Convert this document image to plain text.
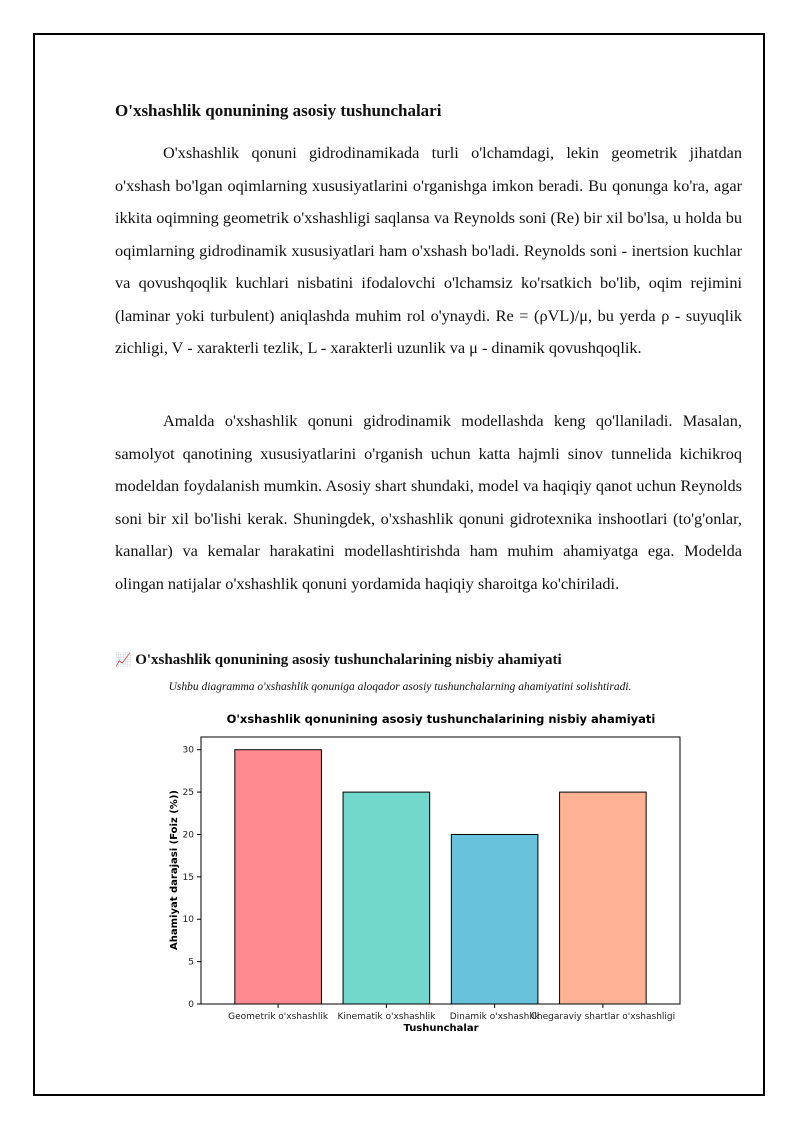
O'xshashlik qonunining asosiy tushunchalari
O'xshashlik qonuni gidrodinamikada turli o'lchamdagi, lekin geometrik jihatdan o'xshash bo'lgan oqimlarning xususiyatlarini o'rganishga imkon beradi. Bu qonunga ko'ra, agar ikkita oqimning geometrik o'xshashligi saqlansa va Reynolds soni (Re) bir xil bo'lsa, u holda bu oqimlarning gidrodinamik xususiyatlari ham o'xshash bo'ladi. Reynolds soni - inertsion kuchlar va qovushqoqlik kuchlari nisbatini ifodalovchi o'lchamsiz ko'rsatkich bo'lib, oqim rejimini (laminar yoki turbulent) aniqlashda muhim rol o'ynaydi. Re = (ρVL)/μ, bu yerda ρ - suyuqlik zichligi, V - xarakterli tezlik, L - xarakterli uzunlik va μ - dinamik qovushqoqlik.
Amalda o'xshashlik qonuni gidrodinamik modellashda keng qo'llaniladi. Masalan, samolyot qanotining xususiyatlarini o'rganish uchun katta hajmli sinov tunnelida kichikroq modeldan foydalanish mumkin. Asosiy shart shundaki, model va haqiqiy qanot uchun Reynolds soni bir xil bo'lishi kerak. Shuningdek, o'xshashlik qonuni gidrotexnika inshootlari (to'g'onlar, kanallar) va kemalar harakatini modellashtirishda ham muhim ahamiyatga ega. Modelda olingan natijalar o'xshashlik qonuni yordamida haqiqiy sharoitga ko'chiriladi.
📈 O'xshashlik qonunining asosiy tushunchalarining nisbiy ahamiyati
Ushbu diagramma o'xshashlik qonuniga aloqador asosiy tushunchalarning ahamiyatini solishtiradi.
O'xshashlik qonunining asosiy tushunchalarining nisbiy ahamiyati
0
5
10
15
20
25
30
Geometrik o'xshashlik Kinematik o'xshashlik Dinamik o'xshashlik
Chegaraviy shartlar o'xshashligi
Tushunchalar
Ahamiyat darajasi (Foiz (%))
